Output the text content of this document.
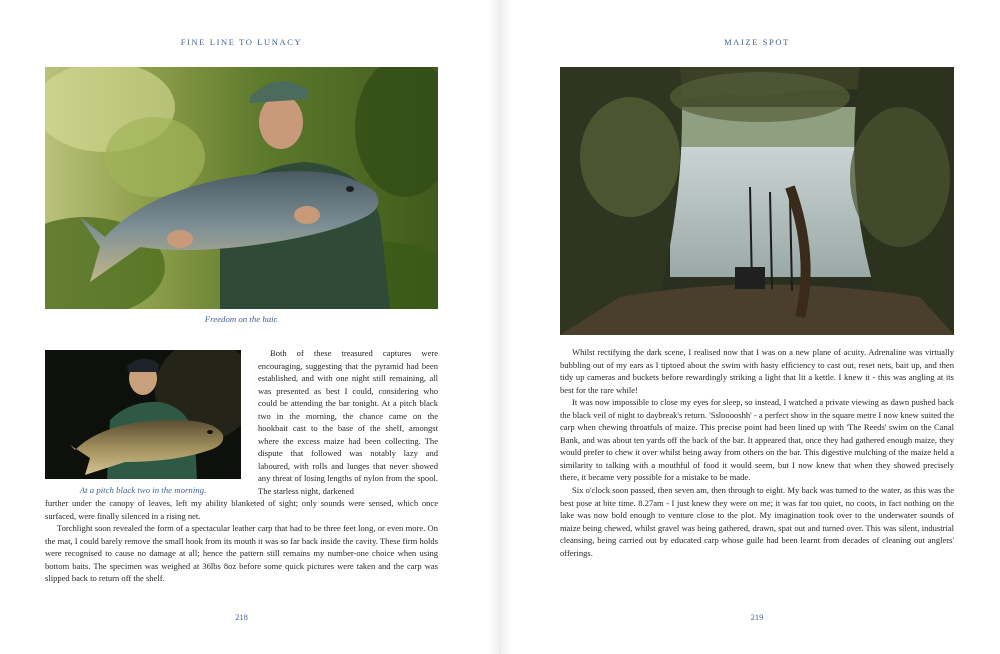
FINE LINE TO LUNACY
Freedom on the hair.
At a pitch black two in the morning.

Both of these treasured captures were encouraging, suggesting that the pyramid had been established, and with one night still remaining, all was presented as best I could, considering who could be attending the bar tonight. At a pitch black two in the morning, the chance came on the hookbait cast to the base of the shelf, amongst where the excess maize had been collecting. The dispute that followed was notably lazy and laboured, with rolls and lunges that never showed any threat of losing lengths of nylon from the spool. The starless night, darkened

further under the canopy of leaves, left my ability blanketed of sight; only sounds were sensed, which once surfaced, were finally silenced in a rising net.

Torchlight soon revealed the form of a spectacular leather carp that had to be three feet long, or even more. On the mat, I could barely remove the small hook from its mouth it was so far back inside the cavity. These firm holds were recognised to cause no damage at all; hence the pattern still remains my number-one choice when using bottom baits. The specimen was weighed at 36lbs 8oz before some quick pictures were taken and the carp was slipped back to return off the shelf.

218
MAIZE SPOT

Whilst rectifying the dark scene, I realised now that I was on a new plane of acuity. Adrenaline was virtually bubbling out of my ears as I tiptoed about the swim with hasty efficiency to cast out, reset nets, bait up, and then tidy up cameras and buckets before rewardingly striking a light that lit a kettle. I knew it - this was angling at its best for the rare while!

It was now impossible to close my eyes for sleep, so instead, I watched a private viewing as dawn pushed back the black veil of night to daybreak's return. 'Sslooooshh' - a perfect show in the square metre I now knew suited the carp when chewing throatfuls of maize. This precise point had been lined up with 'The Reeds' swim on the Canal Bank, and was about ten yards off the back of the bar. It appeared that, once they had gathered enough maize, they would prefer to chew it over whilst being away from others on the bar. This digestive mulching of the maize held a similarity to talking with a mouthful of food it would seem, but I now knew that when they showed precisely there, it became very possible for a mistake to be made.

Six o'clock soon passed, then seven am, then through to eight. My back was turned to the water, as this was the best pose at bite time. 8.27am - I just knew they were on me; it was far too quiet, no coots, in fact nothing on the lake was now bold enough to venture close to the plot. My imagination took over to the underwater sounds of maize being chewed, whilst gravel was being gathered, drawn, spat out and turned over. This was silent, industrial cleansing, being carried out by educated carp whose guile had been learnt from decades of cleaning out anglers' offerings.

219
